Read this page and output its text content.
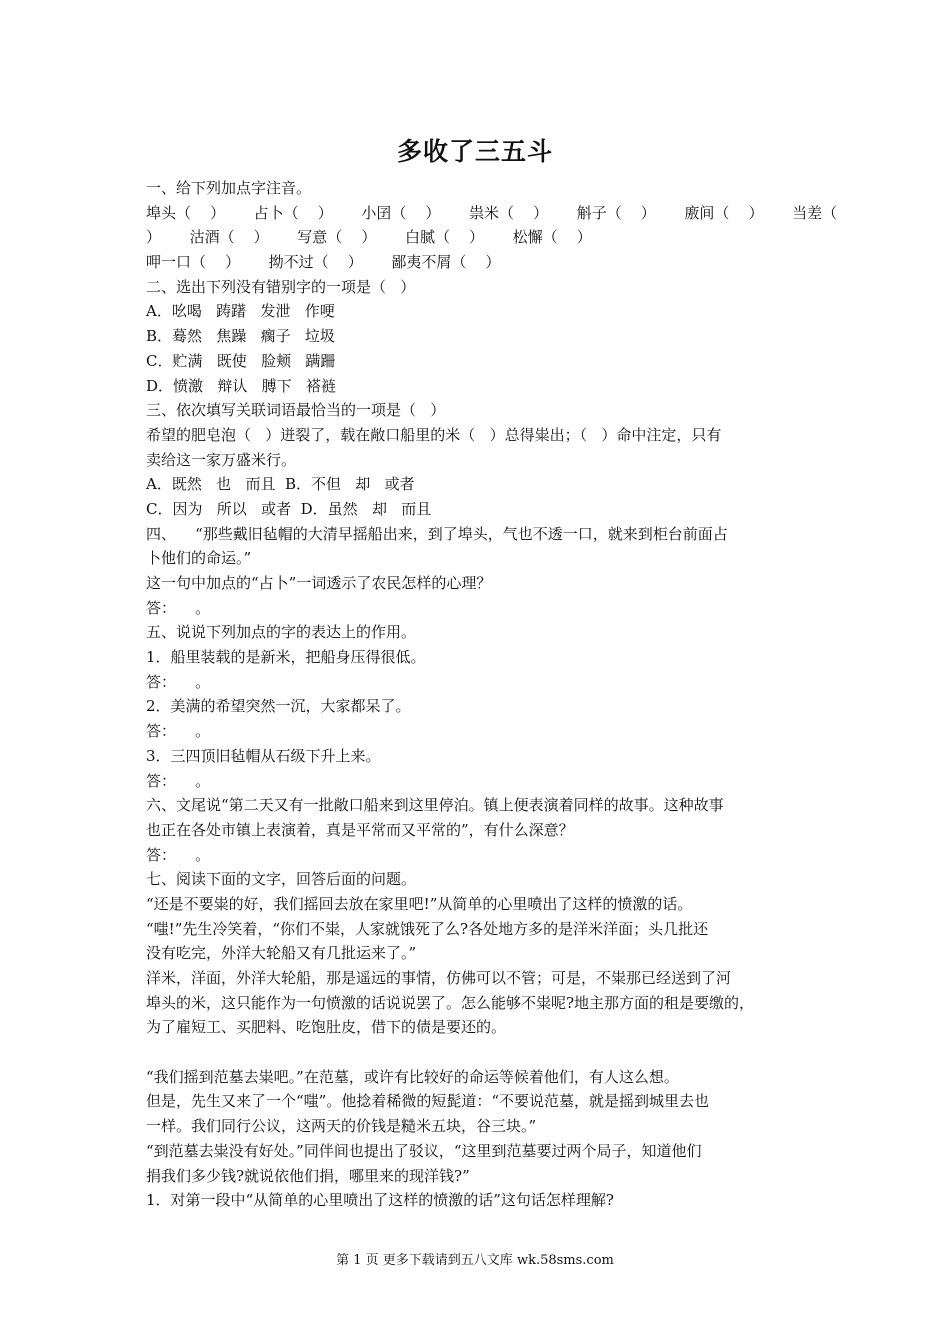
多收了三五斗
一、给下列加点字注音。
埠头（    ）      占卜（    ）      小囝（    ）      祟米（    ）      斛子（    ）      廒间（    ）      当差（
）      沽酒（    ）      写意（    ）      白腻（    ）      松懈（    ）
呷一口（    ）      拗不过（    ）      鄙夷不屑（    ）
二、选出下列没有错别字的一项是（   ）
A．吆喝   踌躇   发泄   作哽
B．蓦然   焦躁   瘸子   垃圾
C．贮满   既使   脸颊   蹒跚
D．愤激   辩认   膊下   褡裢
三、依次填写关联词语最恰当的一项是（   ）
希望的肥皂泡（   ）迸裂了，载在敞口船里的米（   ）总得粜出；（   ）命中注定，只有
卖给这一家万盛米行。
A．既然   也   而且  B．不但   却   或者
C．因为   所以   或者  D．虽然   却   而且
四、    “那些戴旧毡帽的大清早摇船出来，到了埠头，气也不透一口，就来到柜台前面占
卜他们的命运。”
这一句中加点的“占卜”一词透示了农民怎样的心理？
答：    。
五、说说下列加点的字的表达上的作用。
1．船里装载的是新米，把船身压得很低。
答：    。
2．美满的希望突然一沉，大家都呆了。
答：    。
3．三四顶旧毡帽从石级下升上来。
答：    。
六、文尾说“第二天又有一批敞口船来到这里停泊。镇上便表演着同样的故事。这种故事
也正在各处市镇上表演着，真是平常而又平常的”，有什么深意？
答：    。
七、阅读下面的文字，回答后面的问题。
“还是不要粜的好，我们摇回去放在家里吧!”从简单的心里喷出了这样的愤激的话。
“嗤!”先生冷笑着，“你们不粜，人家就饿死了么?各处地方多的是洋米洋面；头几批还
没有吃完，外洋大轮船又有几批运来了。”
洋米，洋面，外洋大轮船，那是遥远的事情，仿佛可以不管；可是，不粜那已经送到了河
埠头的米，这只能作为一句愤激的话说说罢了。怎么能够不粜呢?地主那方面的租是要缴的，
为了雇短工、买肥料、吃饱肚皮，借下的债是要还的。
“我们摇到范墓去粜吧。”在范墓，或许有比较好的命运等候着他们，有人这么想。
但是，先生又来了一个“嗤”。他捻着稀微的短髭道：“不要说范墓，就是摇到城里去也
一样。我们同行公议，这两天的价钱是糙米五块，谷三块。”
“到范墓去粜没有好处。”同伴间也提出了驳议，“这里到范墓要过两个局子，知道他们
捐我们多少钱?就说依他们捐，哪里来的现洋钱?”
1．对第一段中“从简单的心里喷出了这样的愤激的话”这句话怎样理解?
第 1 页 更多下载请到五八文库 wk.58sms.com
